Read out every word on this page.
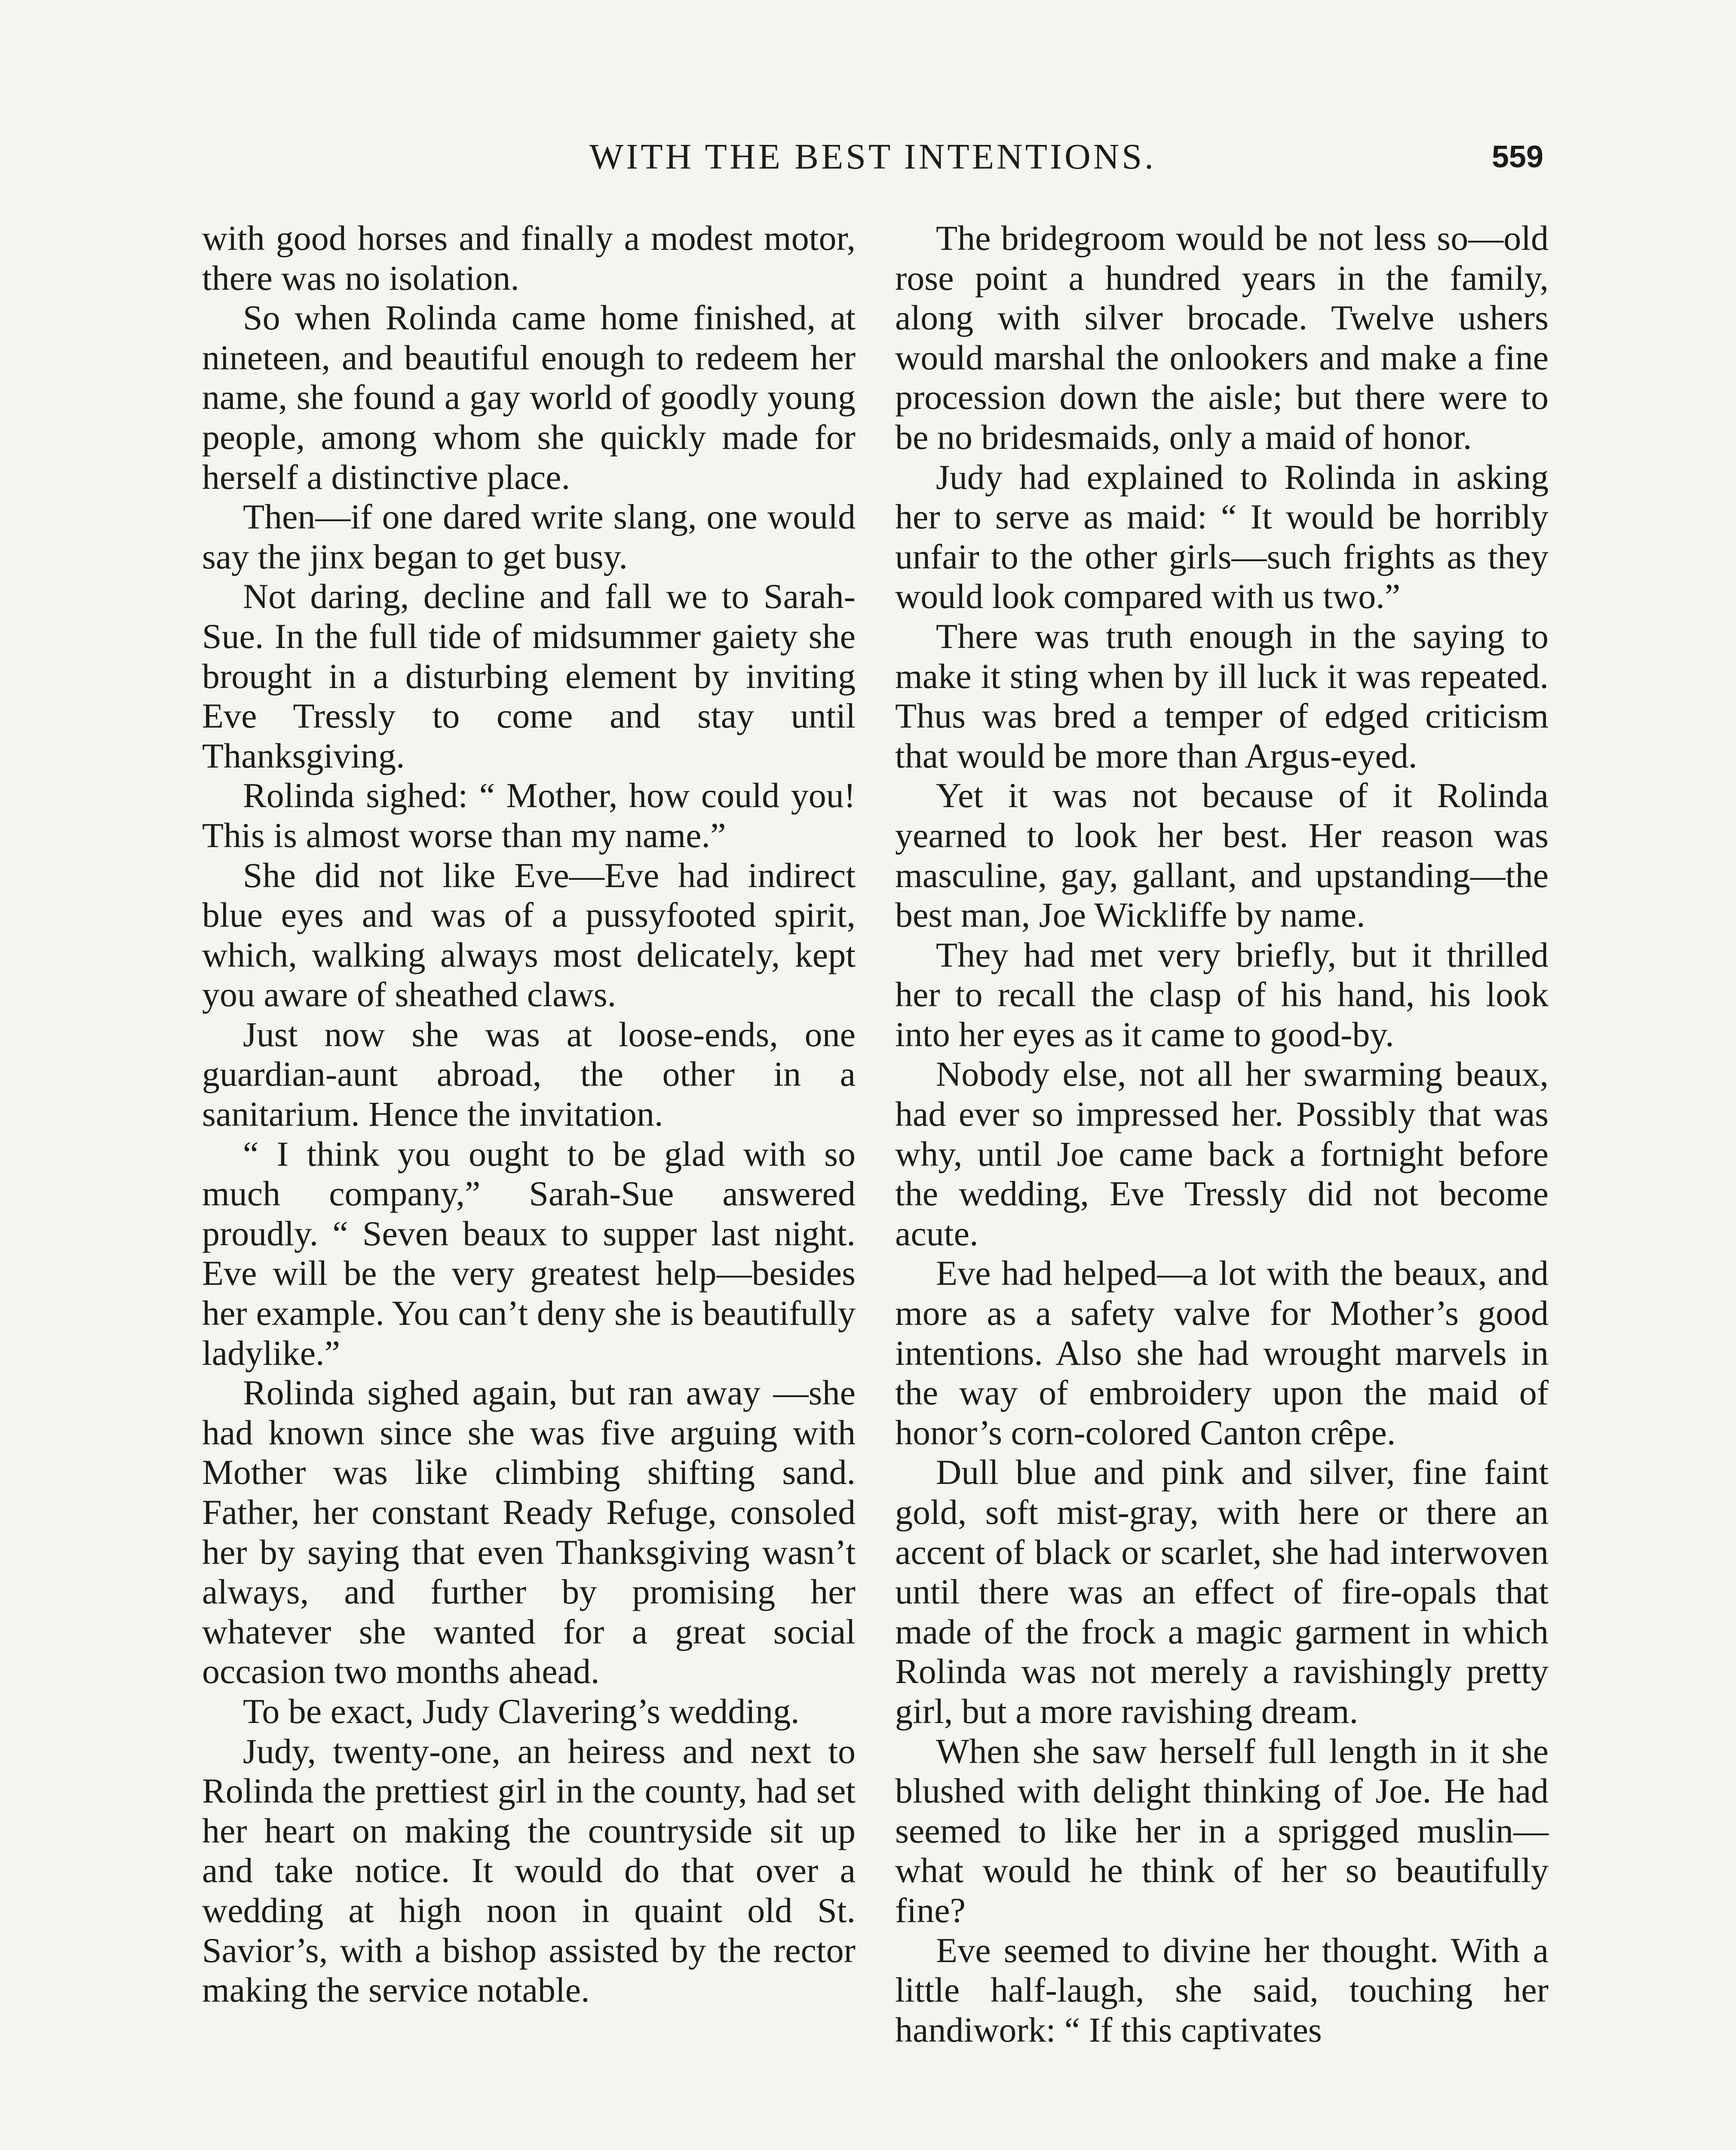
WITH THE BEST INTENTIONS.	559

with good horses and finally a modest motor, there was no isolation.

So when Rolinda came home finished, at nineteen, and beautiful enough to redeem her name, she found a gay world of goodly young people, among whom she quickly made for herself a distinctive place.

Then—if one dared write slang, one would say the jinx began to get busy.

Not daring, decline and fall we to Sarah-Sue. In the full tide of midsummer gaiety she brought in a disturbing element by inviting Eve Tressly to come and stay until Thanksgiving.

Rolinda sighed: “ Mother, how could you! This is almost worse than my name.”

She did not like Eve—Eve had indirect blue eyes and was of a pussyfooted spirit, which, walking always most delicately, kept you aware of sheathed claws.

Just now she was at loose-ends, one guardian-aunt abroad, the other in a sanitarium. Hence the invitation.

“ I think you ought to be glad with so much company,” Sarah-Sue answered proudly. “ Seven beaux to supper last night. Eve will be the very greatest help—besides her example. You can’t deny she is beautifully ladylike.”

Rolinda sighed again, but ran away —she had known since she was five arguing with Mother was like climbing shifting sand. Father, her constant Ready Refuge, consoled her by saying that even Thanksgiving wasn’t always, and further by promising her whatever she wanted for a great social occasion two months ahead.

To be exact, Judy Clavering’s wedding.

Judy, twenty-one, an heiress and next to Rolinda the prettiest girl in the county, had set her heart on making the countryside sit up and take notice. It would do that over a wedding at high noon in quaint old St. Savior’s, with a bishop assisted by the rector making the service notable.

The bridegroom would be not less so—old rose point a hundred years in the family, along with silver brocade. Twelve ushers would marshal the onlookers and make a fine procession down the aisle; but there were to be no bridesmaids, only a maid of honor.

Judy had explained to Rolinda in asking her to serve as maid: “ It would be horribly unfair to the other girls—such frights as they would look compared with us two.”

There was truth enough in the saying to make it sting when by ill luck it was repeated. Thus was bred a temper of edged criticism that would be more than Argus-eyed.

Yet it was not because of it Rolinda yearned to look her best. Her reason was masculine, gay, gallant, and upstanding—the best man, Joe Wickliffe by name.

They had met very briefly, but it thrilled her to recall the clasp of his hand, his look into her eyes as it came to good-by.

Nobody else, not all her swarming beaux, had ever so impressed her. Possibly that was why, until Joe came back a fortnight before the wedding, Eve Tressly did not become acute.

Eve had helped—a lot with the beaux, and more as a safety valve for Mother’s good intentions. Also she had wrought marvels in the way of embroidery upon the maid of honor’s corn-colored Canton crêpe.

Dull blue and pink and silver, fine faint gold, soft mist-gray, with here or there an accent of black or scarlet, she had interwoven until there was an effect of fire-opals that made of the frock a magic garment in which Rolinda was not merely a ravishingly pretty girl, but a more ravishing dream.

When she saw herself full length in it she blushed with delight thinking of Joe. He had seemed to like her in a sprigged muslin—what would he think of her so beautifully fine?

Eve seemed to divine her thought. With a little half-laugh, she said, touching her handiwork: “ If this captivates
